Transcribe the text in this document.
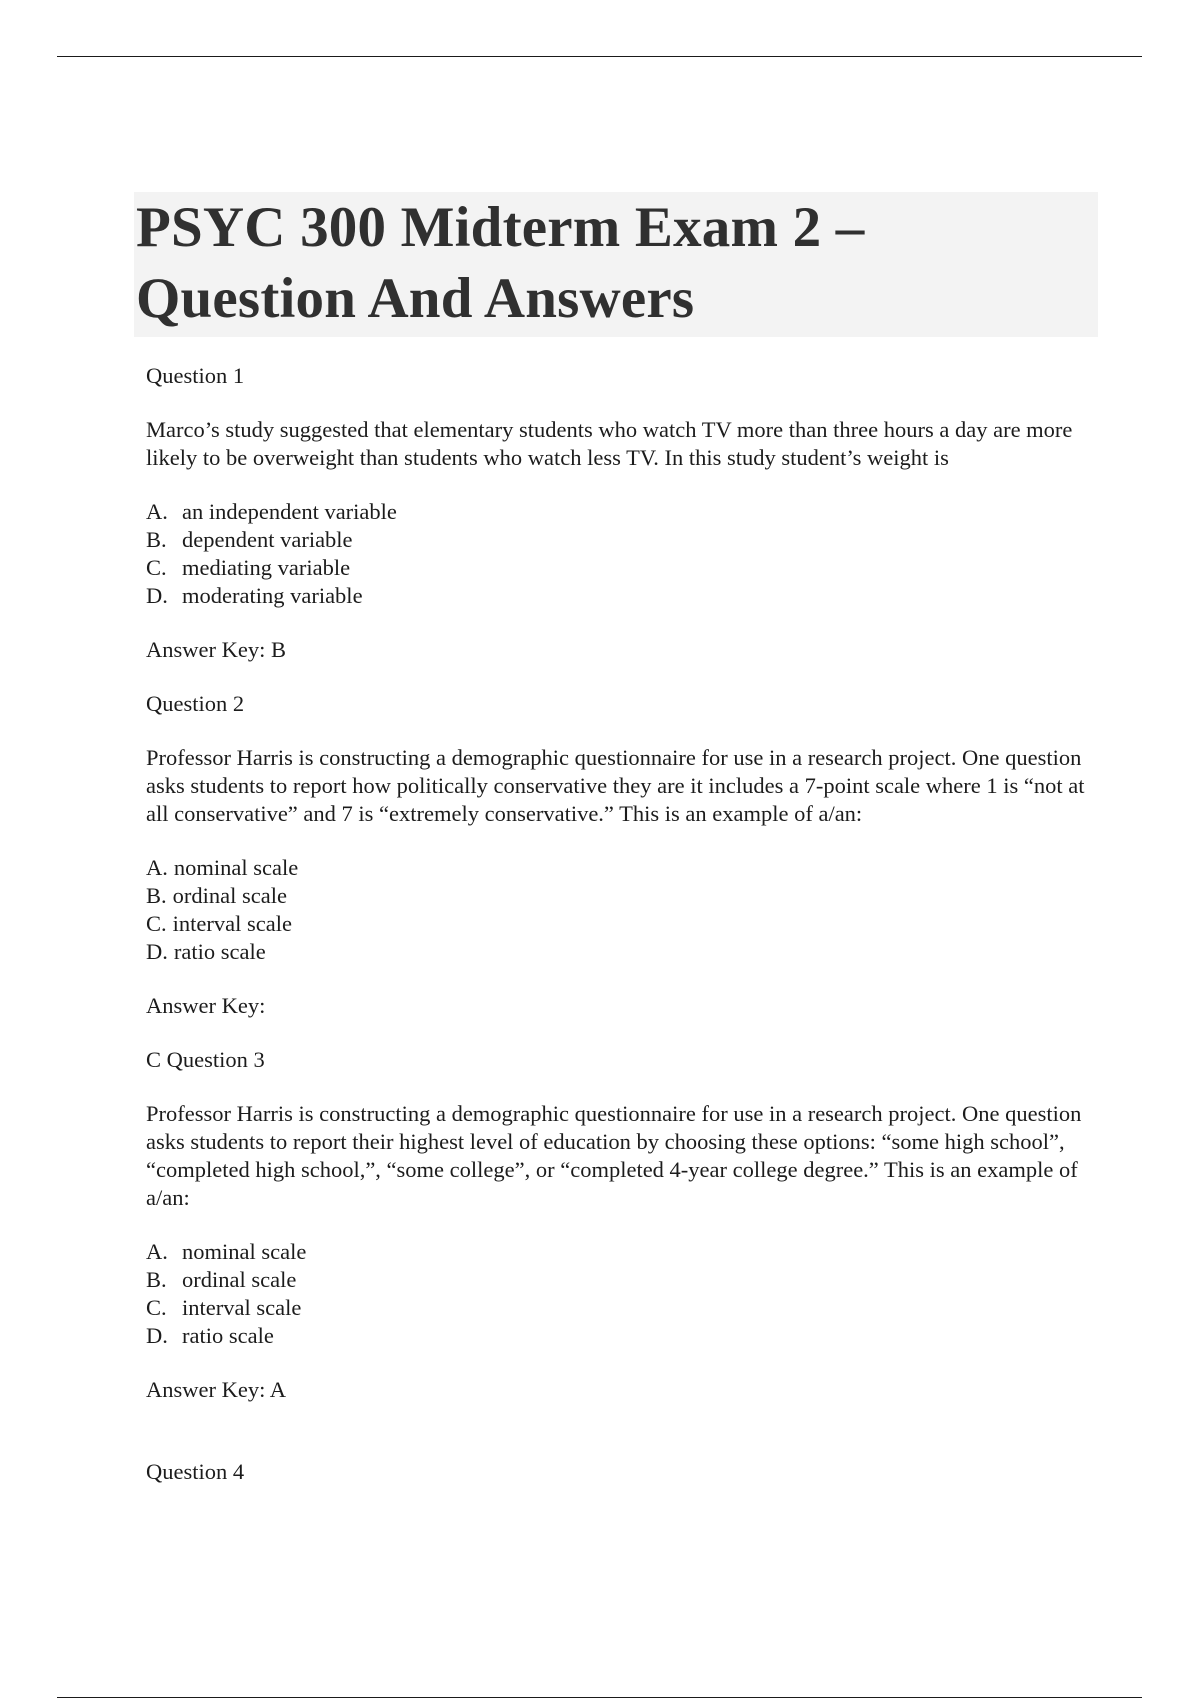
PSYC 300 Midterm Exam 2 –
Question And Answers

Question 1

Marco’s study suggested that elementary students who watch TV more than three hours a day are more likely to be overweight than students who watch less TV. In this study student’s weight is

A. an independent variable
B. dependent variable
C. mediating variable
D. moderating variable

Answer Key: B

Question 2

Professor Harris is constructing a demographic questionnaire for use in a research project. One question asks students to report how politically conservative they are it includes a 7-point scale where 1 is “not at all conservative” and 7 is “extremely conservative.” This is an example of a/an:

A. nominal scale
B. ordinal scale
C. interval scale
D. ratio scale

Answer Key:

C Question 3

Professor Harris is constructing a demographic questionnaire for use in a research project. One question asks students to report their highest level of education by choosing these options: “some high school”, “completed high school,”, “some college”, or “completed 4-year college degree.” This is an example of a/an:

A. nominal scale
B. ordinal scale
C. interval scale
D. ratio scale

Answer Key: A

Question 4
